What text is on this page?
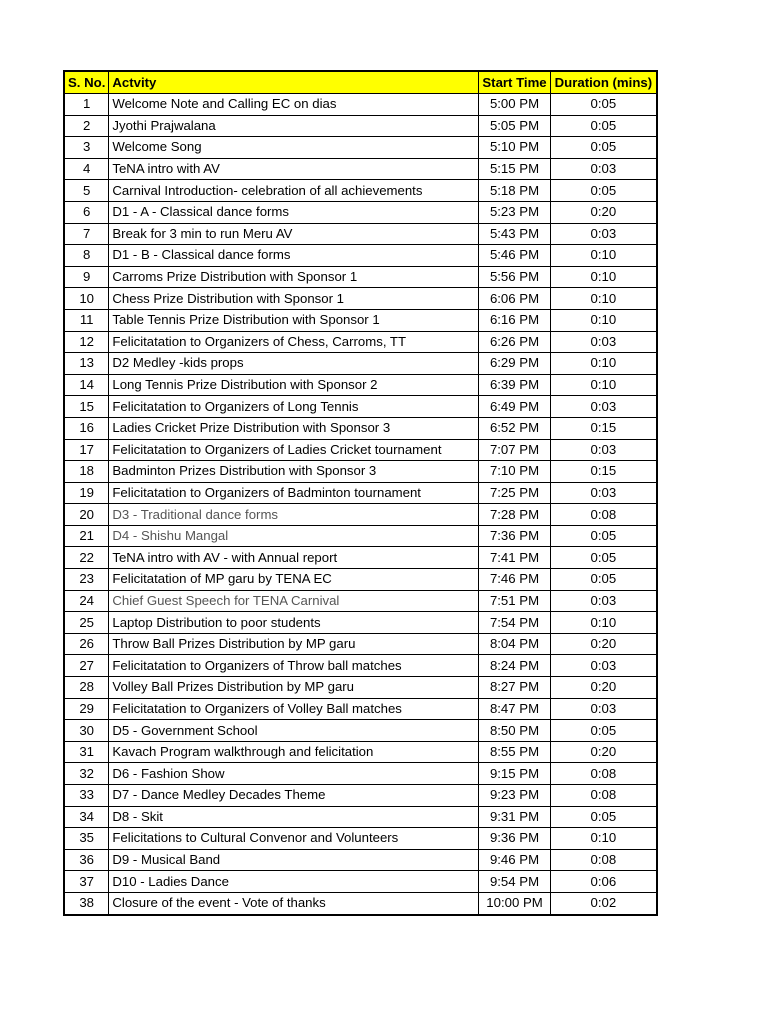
S. No.	Actvity	Start Time	Duration (mins)
1	Welcome Note and Calling EC on dias	5:00 PM	0:05
2	Jyothi Prajwalana	5:05 PM	0:05
3	Welcome Song	5:10 PM	0:05
4	TeNA intro with AV	5:15 PM	0:03
5	Carnival Introduction- celebration of all achievements	5:18 PM	0:05
6	D1 - A - Classical dance forms	5:23 PM	0:20
7	Break for 3 min to run Meru AV	5:43 PM	0:03
8	D1 - B - Classical dance forms	5:46 PM	0:10
9	Carroms Prize Distribution with Sponsor 1	5:56 PM	0:10
10	Chess Prize Distribution with Sponsor 1	6:06 PM	0:10
11	Table Tennis Prize Distribution with Sponsor 1	6:16 PM	0:10
12	Felicitatation to Organizers of Chess, Carroms, TT	6:26 PM	0:03
13	D2 Medley -kids props	6:29 PM	0:10
14	Long Tennis Prize Distribution with Sponsor 2	6:39 PM	0:10
15	Felicitatation to Organizers of Long Tennis	6:49 PM	0:03
16	Ladies Cricket Prize Distribution with Sponsor 3	6:52 PM	0:15
17	Felicitatation to Organizers of Ladies Cricket tournament	7:07 PM	0:03
18	Badminton Prizes Distribution with Sponsor 3	7:10 PM	0:15
19	Felicitatation to Organizers of Badminton tournament	7:25 PM	0:03
20	D3 - Traditional dance forms	7:28 PM	0:08
21	D4 - Shishu Mangal	7:36 PM	0:05
22	TeNA intro with AV - with Annual report	7:41 PM	0:05
23	Felicitatation of MP garu by TENA EC	7:46 PM	0:05
24	Chief Guest Speech for TENA Carnival	7:51 PM	0:03
25	Laptop Distribution to poor students	7:54 PM	0:10
26	Throw Ball Prizes Distribution by MP garu	8:04 PM	0:20
27	Felicitatation to Organizers of Throw ball matches	8:24 PM	0:03
28	Volley Ball Prizes Distribution by MP garu	8:27 PM	0:20
29	Felicitatation to Organizers of Volley Ball matches	8:47 PM	0:03
30	D5 - Government School	8:50 PM	0:05
31	Kavach Program walkthrough and felicitation	8:55 PM	0:20
32	D6 - Fashion Show	9:15 PM	0:08
33	D7 - Dance Medley Decades Theme	9:23 PM	0:08
34	D8 - Skit	9:31 PM	0:05
35	Felicitations to Cultural Convenor and Volunteers	9:36 PM	0:10
36	D9 - Musical Band	9:46 PM	0:08
37	D10 - Ladies Dance	9:54 PM	0:06
38	Closure of the event - Vote of thanks	10:00 PM	0:02
